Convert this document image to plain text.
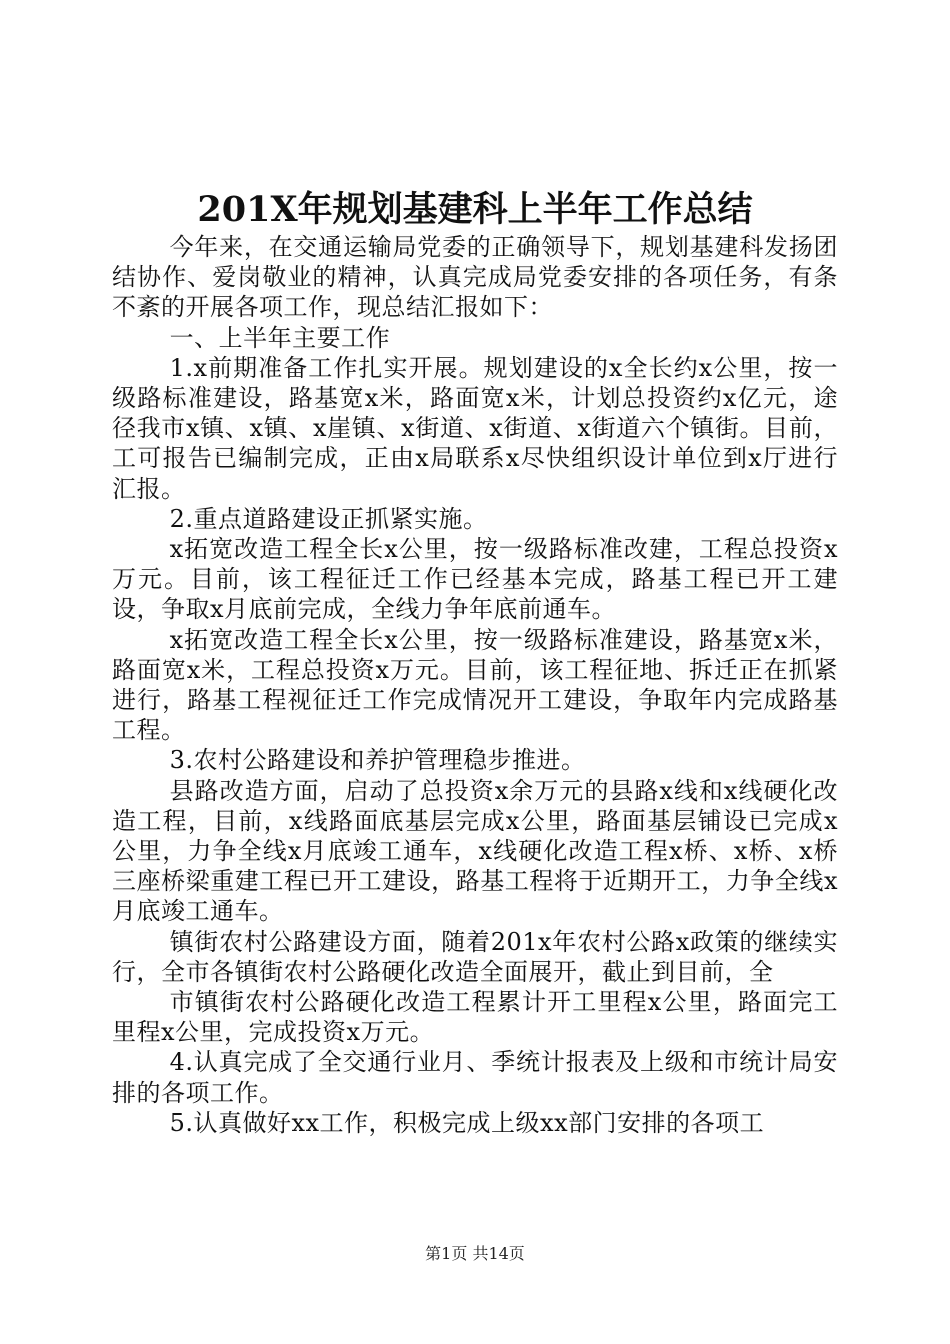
201X年规划基建科上半年工作总结

今年来，在交通运输局党委的正确领导下，规划基建科发扬团结协作、爱岗敬业的精神，认真完成局党委安排的各项任务，有条不紊的开展各项工作，现总结汇报如下：

一、上半年主要工作

1.x前期准备工作扎实开展。规划建设的x全长约x公里，按一级路标准建设，路基宽x米，路面宽x米，计划总投资约x亿元，途径我市x镇、x镇、x崖镇、x街道、x街道、x街道六个镇街。目前，工可报告已编制完成，正由x局联系x尽快组织设计单位到x厅进行汇报。

2.重点道路建设正抓紧实施。

x拓宽改造工程全长x公里，按一级路标准改建，工程总投资x万元。目前，该工程征迁工作已经基本完成，路基工程已开工建设，争取x月底前完成，全线力争年底前通车。

x拓宽改造工程全长x公里，按一级路标准建设，路基宽x米，路面宽x米，工程总投资x万元。目前，该工程征地、拆迁正在抓紧进行，路基工程视征迁工作完成情况开工建设，争取年内完成路基工程。

3.农村公路建设和养护管理稳步推进。

县路改造方面，启动了总投资x余万元的县路x线和x线硬化改造工程，目前，x线路面底基层完成x公里，路面基层铺设已完成x公里，力争全线x月底竣工通车，x线硬化改造工程x桥、x桥、x桥三座桥梁重建工程已开工建设，路基工程将于近期开工，力争全线x月底竣工通车。

镇街农村公路建设方面，随着201x年农村公路x政策的继续实行，全市各镇街农村公路硬化改造全面展开，截止到目前，全

市镇街农村公路硬化改造工程累计开工里程x公里，路面完工里程x公里，完成投资x万元。

4.认真完成了全交通行业月、季统计报表及上级和市统计局安排的各项工作。

5.认真做好xx工作，积极完成上级xx部门安排的各项工

第1页 共14页
